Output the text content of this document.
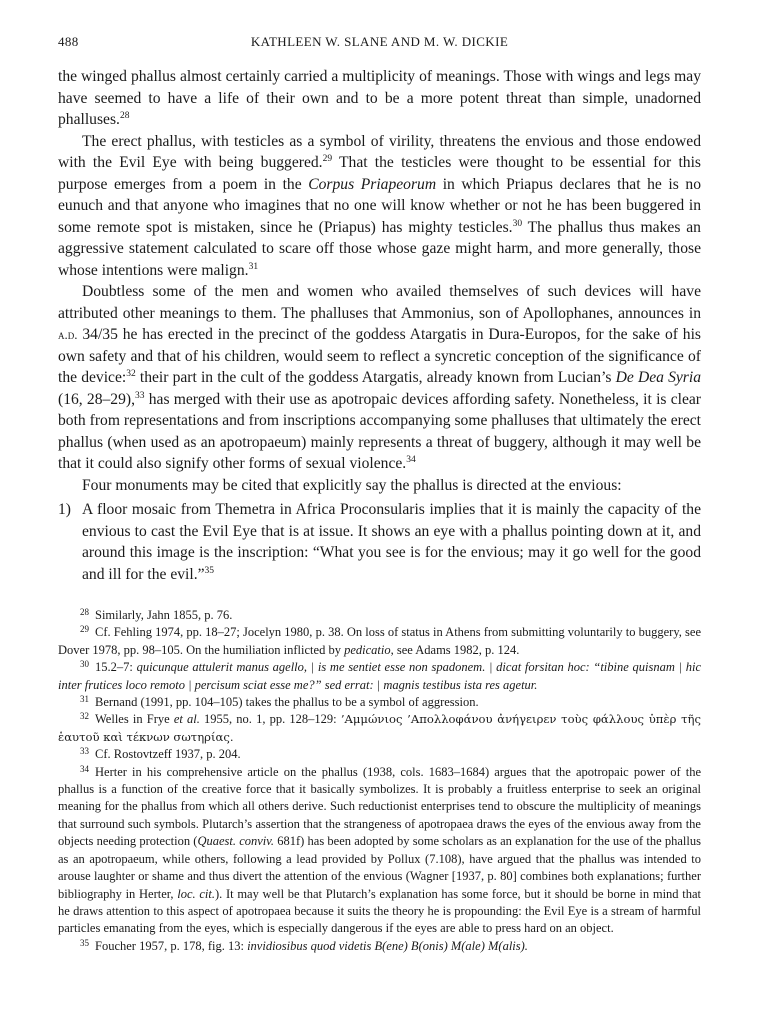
488	KATHLEEN W. SLANE AND M. W. DICKIE

the winged phallus almost certainly carried a multiplicity of meanings. Those with wings and legs may have seemed to have a life of their own and to be a more potent threat than simple, unadorned phalluses.$^{28}$

The erect phallus, with testicles as a symbol of virility, threatens the envious and those endowed with the Evil Eye with being buggered.$^{29}$ That the testicles were thought to be essential for this purpose emerges from a poem in the Corpus Priapeorum in which Priapus declares that he is no eunuch and that anyone who imagines that no one will know whether or not he has been buggered in some remote spot is mistaken, since he (Priapus) has mighty testicles.$^{30}$ The phallus thus makes an aggressive statement calculated to scare off those whose gaze might harm, and more generally, those whose intentions were malign.$^{31}$

Doubtless some of the men and women who availed themselves of such devices will have attributed other meanings to them. The phalluses that Ammonius, son of Apollophanes, announces in a.d. 34/35 he has erected in the precinct of the goddess Atargatis in Dura-Europos, for the sake of his own safety and that of his children, would seem to reflect a syncretic conception of the significance of the device:$^{32}$ their part in the cult of the goddess Atargatis, already known from Lucian’s De Dea Syria (16, 28–29),$^{33}$ has merged with their use as apotropaic devices affording safety. Nonetheless, it is clear both from representations and from inscriptions accompanying some phalluses that ultimately the erect phallus (when used as an apotropaeum) mainly represents a threat of buggery, although it may well be that it could also signify other forms of sexual violence.$^{34}$

Four monuments may be cited that explicitly say the phallus is directed at the envious:

1) A floor mosaic from Themetra in Africa Proconsularis implies that it is mainly the capacity of the envious to cast the Evil Eye that is at issue. It shows an eye with a phallus pointing down at it, and around this image is the inscription: “What you see is for the envious; may it go well for the good and ill for the evil.”$^{35}$
$^{28}$ Similarly, Jahn 1855, p. 76.
$^{29}$ Cf. Fehling 1974, pp. 18–27; Jocelyn 1980, p. 38. On loss of status in Athens from submitting voluntarily to buggery, see Dover 1978, pp. 98–105. On the humiliation inflicted by pedicatio, see Adams 1982, p. 124.
$^{30}$ 15.2–7: quicunque attulerit manus agello, | is me sentiet esse non spadonem. | dicat forsitan hoc: “tibine quisnam | hic inter frutices loco remoto | percisum sciat esse me?” sed errat: | magnis testibus ista res agetur.
$^{31}$ Bernand (1991, pp. 104–105) takes the phallus to be a symbol of aggression.
$^{32}$ Welles in Frye et al. 1955, no. 1, pp. 128–129: ’Αμμώνιος ’Απολλοφάνου ἀνήγειρεν τοὺς φάλλους ὑπὲρ τῆς ἑαυτοῦ καὶ τέκνων σωτηρίας.
$^{33}$ Cf. Rostovtzeff 1937, p. 204.
$^{34}$ Herter in his comprehensive article on the phallus (1938, cols. 1683–1684) argues that the apotropaic power of the phallus is a function of the creative force that it basically symbolizes. It is probably a fruitless enterprise to seek an original meaning for the phallus from which all others derive. Such reductionist enterprises tend to obscure the multiplicity of meanings that surround such symbols. Plutarch’s assertion that the strangeness of apotropaea draws the eyes of the envious away from the objects needing protection (Quaest. conviv. 681f) has been adopted by some scholars as an explanation for the use of the phallus as an apotropaeum, while others, following a lead provided by Pollux (7.108), have argued that the phallus was intended to arouse laughter or shame and thus divert the attention of the envious (Wagner [1937, p. 80] combines both explanations; further bibliography in Herter, loc. cit.). It may well be that Plutarch’s explanation has some force, but it should be borne in mind that he draws attention to this aspect of apotropaea because it suits the theory he is propounding: the Evil Eye is a stream of harmful particles emanating from the eyes, which is especially dangerous if the eyes are able to press hard on an object.
$^{35}$ Foucher 1957, p. 178, fig. 13: invidiosibus quod videtis B(ene) B(onis) M(ale) M(alis).
